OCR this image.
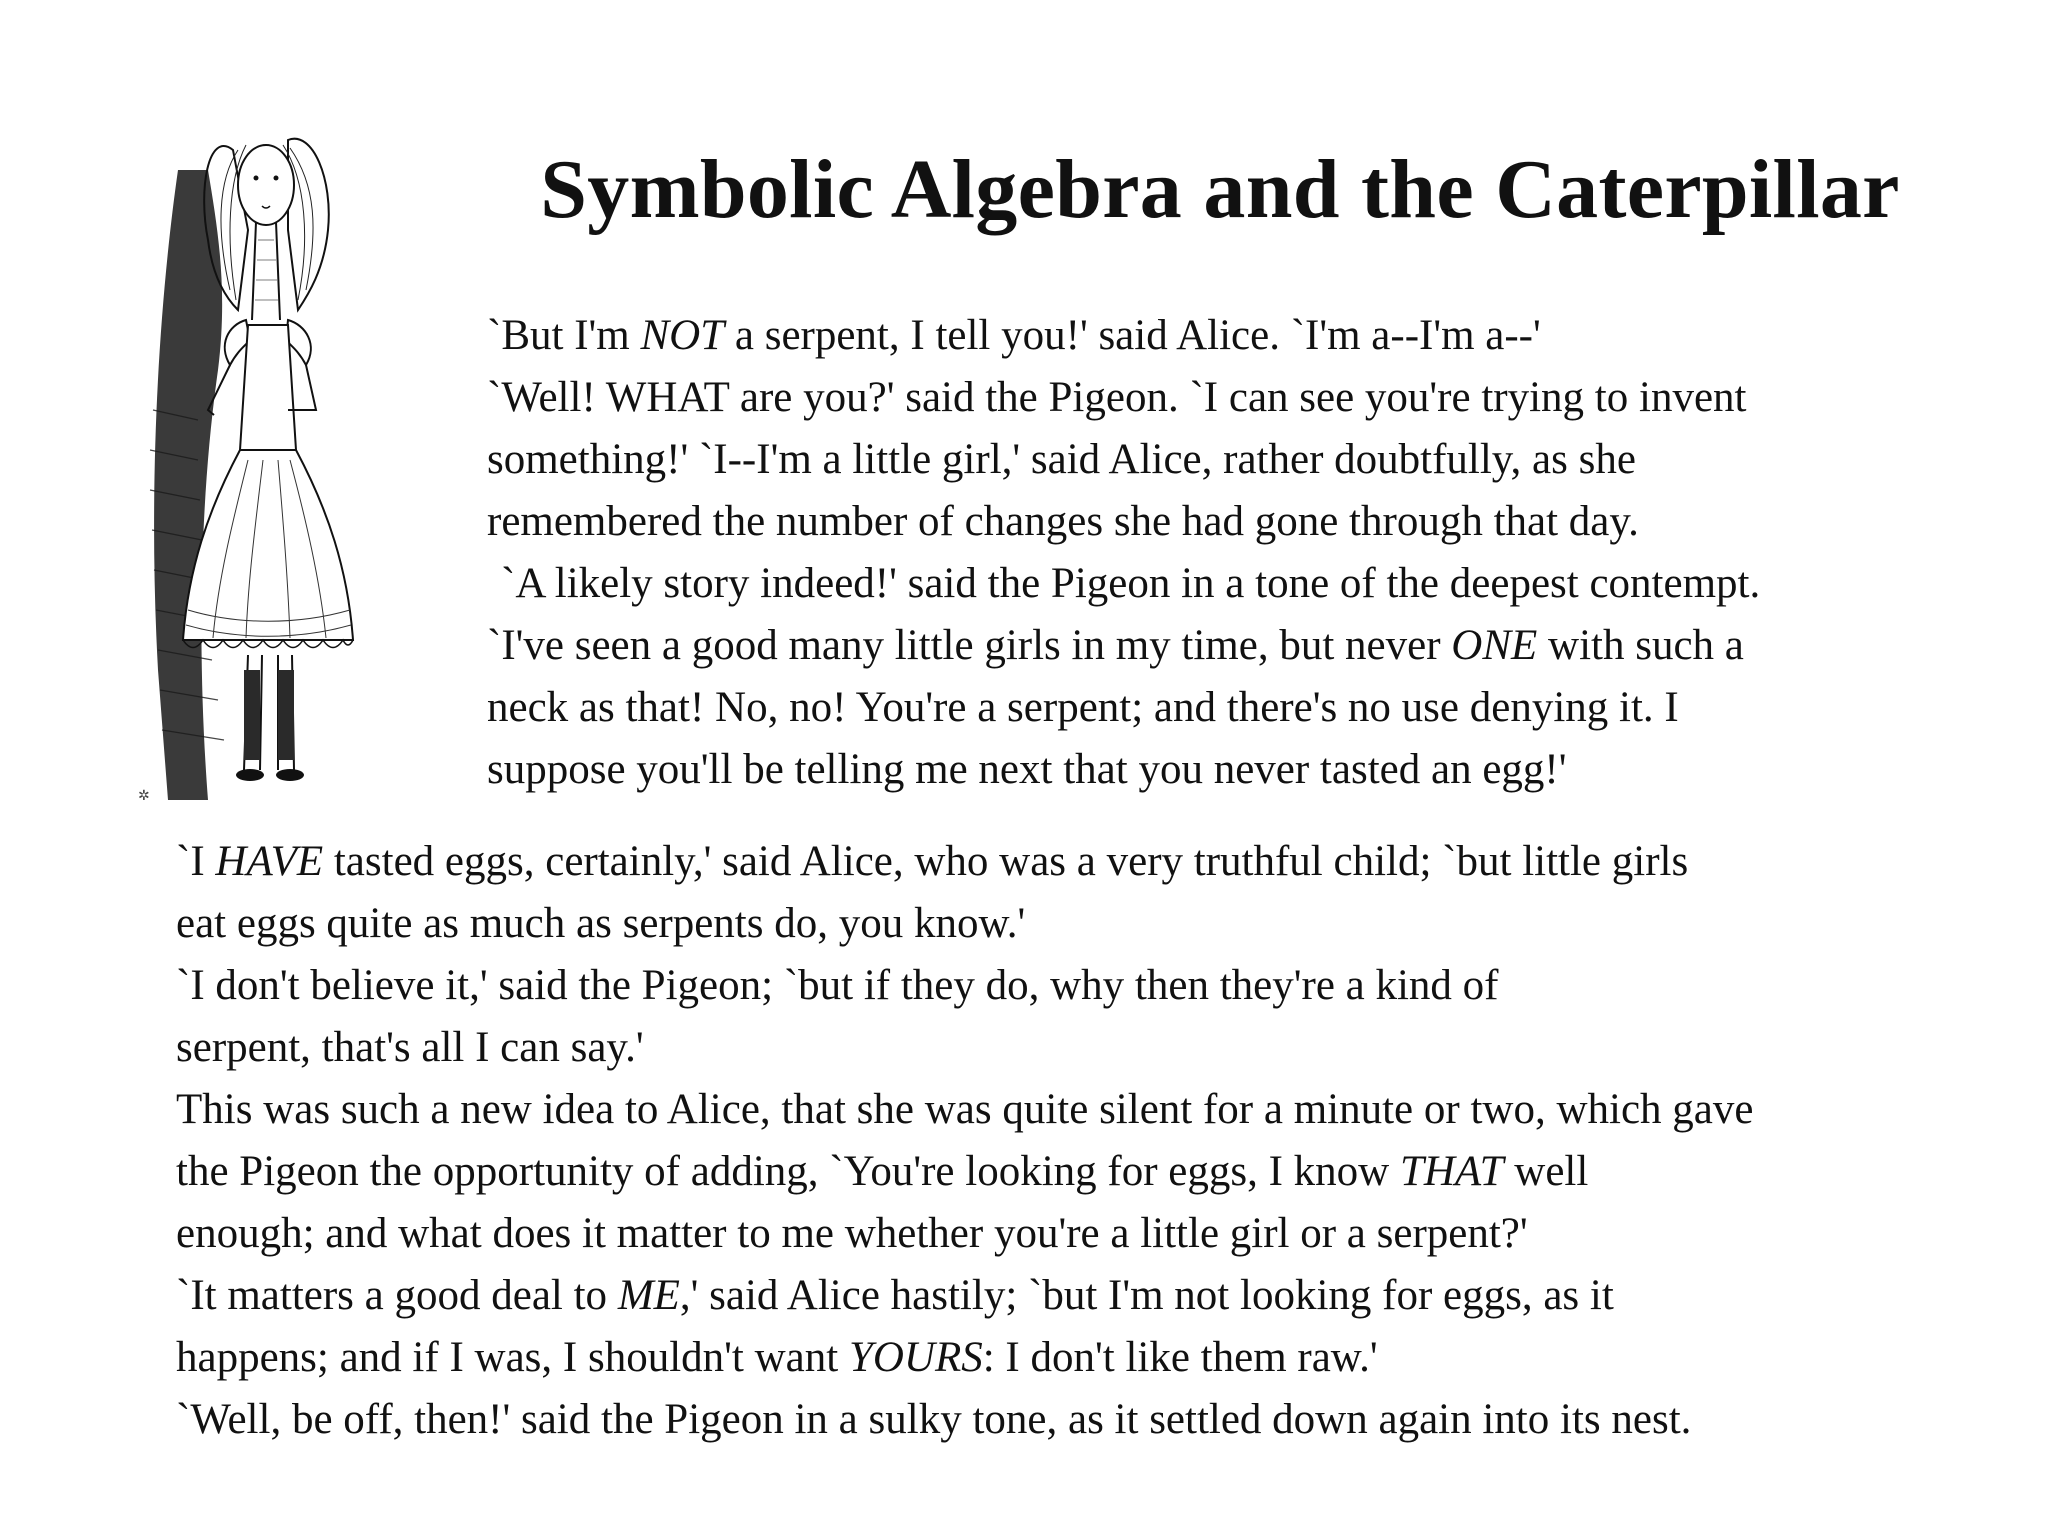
✲
Symbolic Algebra and the Caterpillar
`But I'm NOT a serpent, I tell you!' said Alice. `I'm a--I'm a--'
`Well! WHAT are you?' said the Pigeon. `I can see you're trying to invent
something!' `I--I'm a little girl,' said Alice, rather doubtfully, as she
remembered the number of changes she had gone through that day.
`A likely story indeed!' said the Pigeon in a tone of the deepest contempt.
`I've seen a good many little girls in my time, but never ONE with such a
neck as that! No, no! You're a serpent; and there's no use denying it. I
suppose you'll be telling me next that you never tasted an egg!'
`I HAVE tasted eggs, certainly,' said Alice, who was a very truthful child; `but little girls
eat eggs quite as much as serpents do, you know.'
`I don't believe it,' said the Pigeon; `but if they do, why then they're a kind of
serpent, that's all I can say.'
This was such a new idea to Alice, that she was quite silent for a minute or two, which gave
the Pigeon the opportunity of adding, `You're looking for eggs, I know THAT well
enough; and what does it matter to me whether you're a little girl or a serpent?'
`It matters a good deal to ME,' said Alice hastily; `but I'm not looking for eggs, as it
happens; and if I was, I shouldn't want YOURS: I don't like them raw.'
`Well, be off, then!' said the Pigeon in a sulky tone, as it settled down again into its nest.
